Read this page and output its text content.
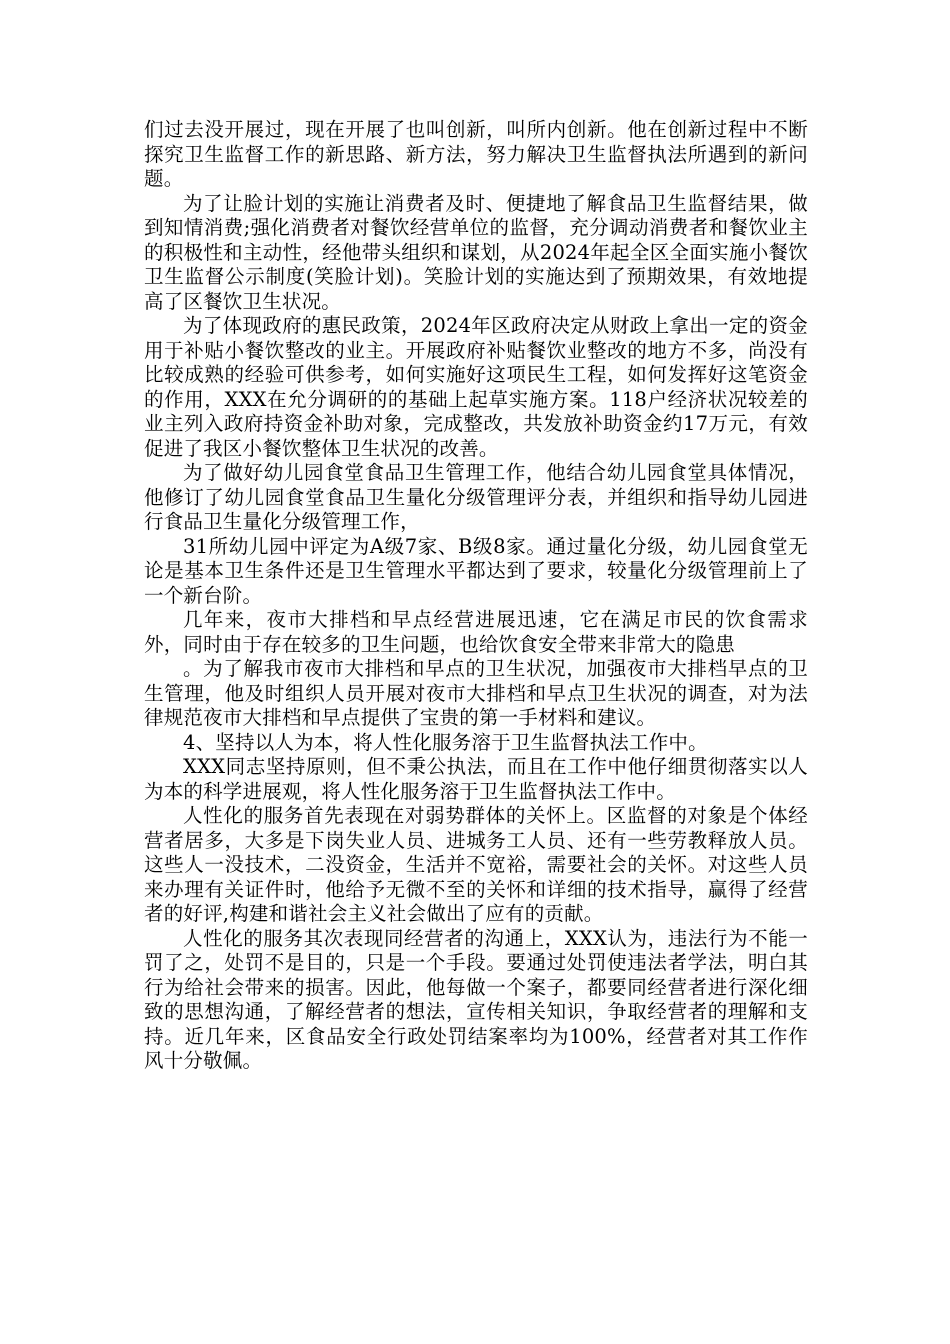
们过去没开展过，现在开展了也叫创新，叫所内创新。他在创新过程中不断探究卫生监督工作的新思路、新方法，努力解决卫生监督执法所遇到的新问题。

为了让脸计划的实施让消费者及时、便捷地了解食品卫生监督结果，做到知情消费;强化消费者对餐饮经营单位的监督，充分调动消费者和餐饮业主的积极性和主动性，经他带头组织和谋划，从2024年起全区全面实施小餐饮卫生监督公示制度(笑脸计划)。笑脸计划的实施达到了预期效果，有效地提高了区餐饮卫生状况。

为了体现政府的惠民政策，2024年区政府决定从财政上拿出一定的资金用于补贴小餐饮整改的业主。开展政府补贴餐饮业整改的地方不多，尚没有比较成熟的经验可供参考，如何实施好这项民生工程，如何发挥好这笔资金的作用，XXX在允分调研的的基础上起草实施方案。118户经济状况较差的业主列入政府持资金补助对象，完成整改，共发放补助资金约17万元，有效促进了我区小餐饮整体卫生状况的改善。

为了做好幼儿园食堂食品卫生管理工作，他结合幼儿园食堂具体情况，他修订了幼儿园食堂食品卫生量化分级管理评分表，并组织和指导幼儿园进行食品卫生量化分级管理工作，

31所幼儿园中评定为A级7家、B级8家。通过量化分级，幼儿园食堂无论是基本卫生条件还是卫生管理水平都达到了要求，较量化分级管理前上了一个新台阶。

几年来，夜市大排档和早点经营进展迅速，它在满足市民的饮食需求外，同时由于存在较多的卫生问题，也给饮食安全带来非常大的隐患

。为了解我市夜市大排档和早点的卫生状况，加强夜市大排档早点的卫生管理，他及时组织人员开展对夜市大排档和早点卫生状况的调查，对为法律规范夜市大排档和早点提供了宝贵的第一手材料和建议。

4、坚持以人为本，将人性化服务溶于卫生监督执法工作中。

XXX同志坚持原则，但不秉公执法，而且在工作中他仔细贯彻落实以人为本的科学进展观，将人性化服务溶于卫生监督执法工作中。

人性化的服务首先表现在对弱势群体的关怀上。区监督的对象是个体经营者居多，大多是下岗失业人员、进城务工人员、还有一些劳教释放人员。这些人一没技术，二没资金，生活并不宽裕，需要社会的关怀。对这些人员来办理有关证件时，他给予无微不至的关怀和详细的技术指导，赢得了经营者的好评,构建和谐社会主义社会做出了应有的贡献。

人性化的服务其次表现同经营者的沟通上，XXX认为，违法行为不能一罚了之，处罚不是目的，只是一个手段。要通过处罚使违法者学法，明白其行为给社会带来的损害。因此，他每做一个案子，都要同经营者进行深化细致的思想沟通，了解经营者的想法，宣传相关知识，争取经营者的理解和支持。近几年来，区食品安全行政处罚结案率均为100%，经营者对其工作作风十分敬佩。
